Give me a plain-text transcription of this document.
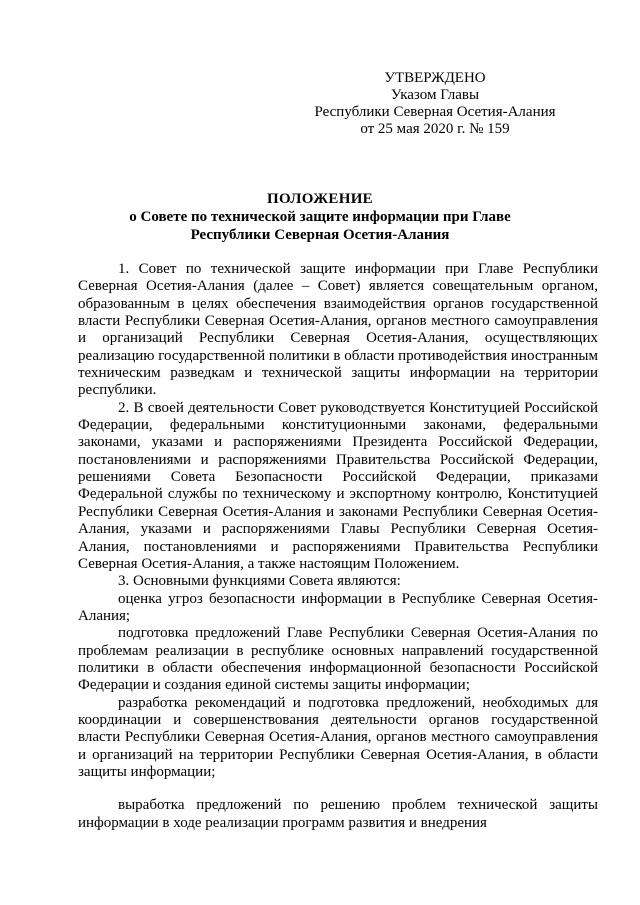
УТВЕРЖДЕНО
Указом Главы
Республики Северная Осетия-Алания
от 25 мая 2020 г. № 159
ПОЛОЖЕНИЕ
о Совете по технической защите информации при Главе
Республики Северная Осетия-Алания

1. Совет по технической защите информации при Главе Республики Северная Осетия-Алания (далее – Совет) является совещательным органом, образованным в целях обеспечения взаимодействия органов государственной власти Республики Северная Осетия-Алания, органов местного самоуправления и организаций Республики Северная Осетия-Алания, осуществляющих реализацию государственной политики в области противодействия иностранным техническим разведкам и технической защиты информации на территории республики.

2. В своей деятельности Совет руководствуется Конституцией Российской Федерации, федеральными конституционными законами, федеральными законами, указами и распоряжениями Президента Российской Федерации, постановлениями и распоряжениями Правительства Российской Федерации, решениями Совета Безопасности Российской Федерации, приказами Федеральной службы по техническому и экспортному контролю, Конституцией Республики Северная Осетия-Алания и законами Республики Северная Осетия-Алания, указами и распоряжениями Главы Республики Северная Осетия-Алания, постановлениями и распоряжениями Правительства Республики Северная Осетия-Алания, а также настоящим Положением.

3. Основными функциями Совета являются:

оценка угроз безопасности информации в Республике Северная Осетия-Алания;

подготовка предложений Главе Республики Северная Осетия-Алания по проблемам реализации в республике основных направлений государственной политики в области обеспечения информационной безопасности Российской Федерации и создания единой системы защиты информации;

разработка рекомендаций и подготовка предложений, необходимых для координации и совершенствования деятельности органов государственной власти Республики Северная Осетия-Алания, органов местного самоуправления и организаций на территории Республики Северная Осетия-Алания, в области защиты информации;

выработка предложений по решению проблем технической защиты информации в ходе реализации программ развития и внедрения
